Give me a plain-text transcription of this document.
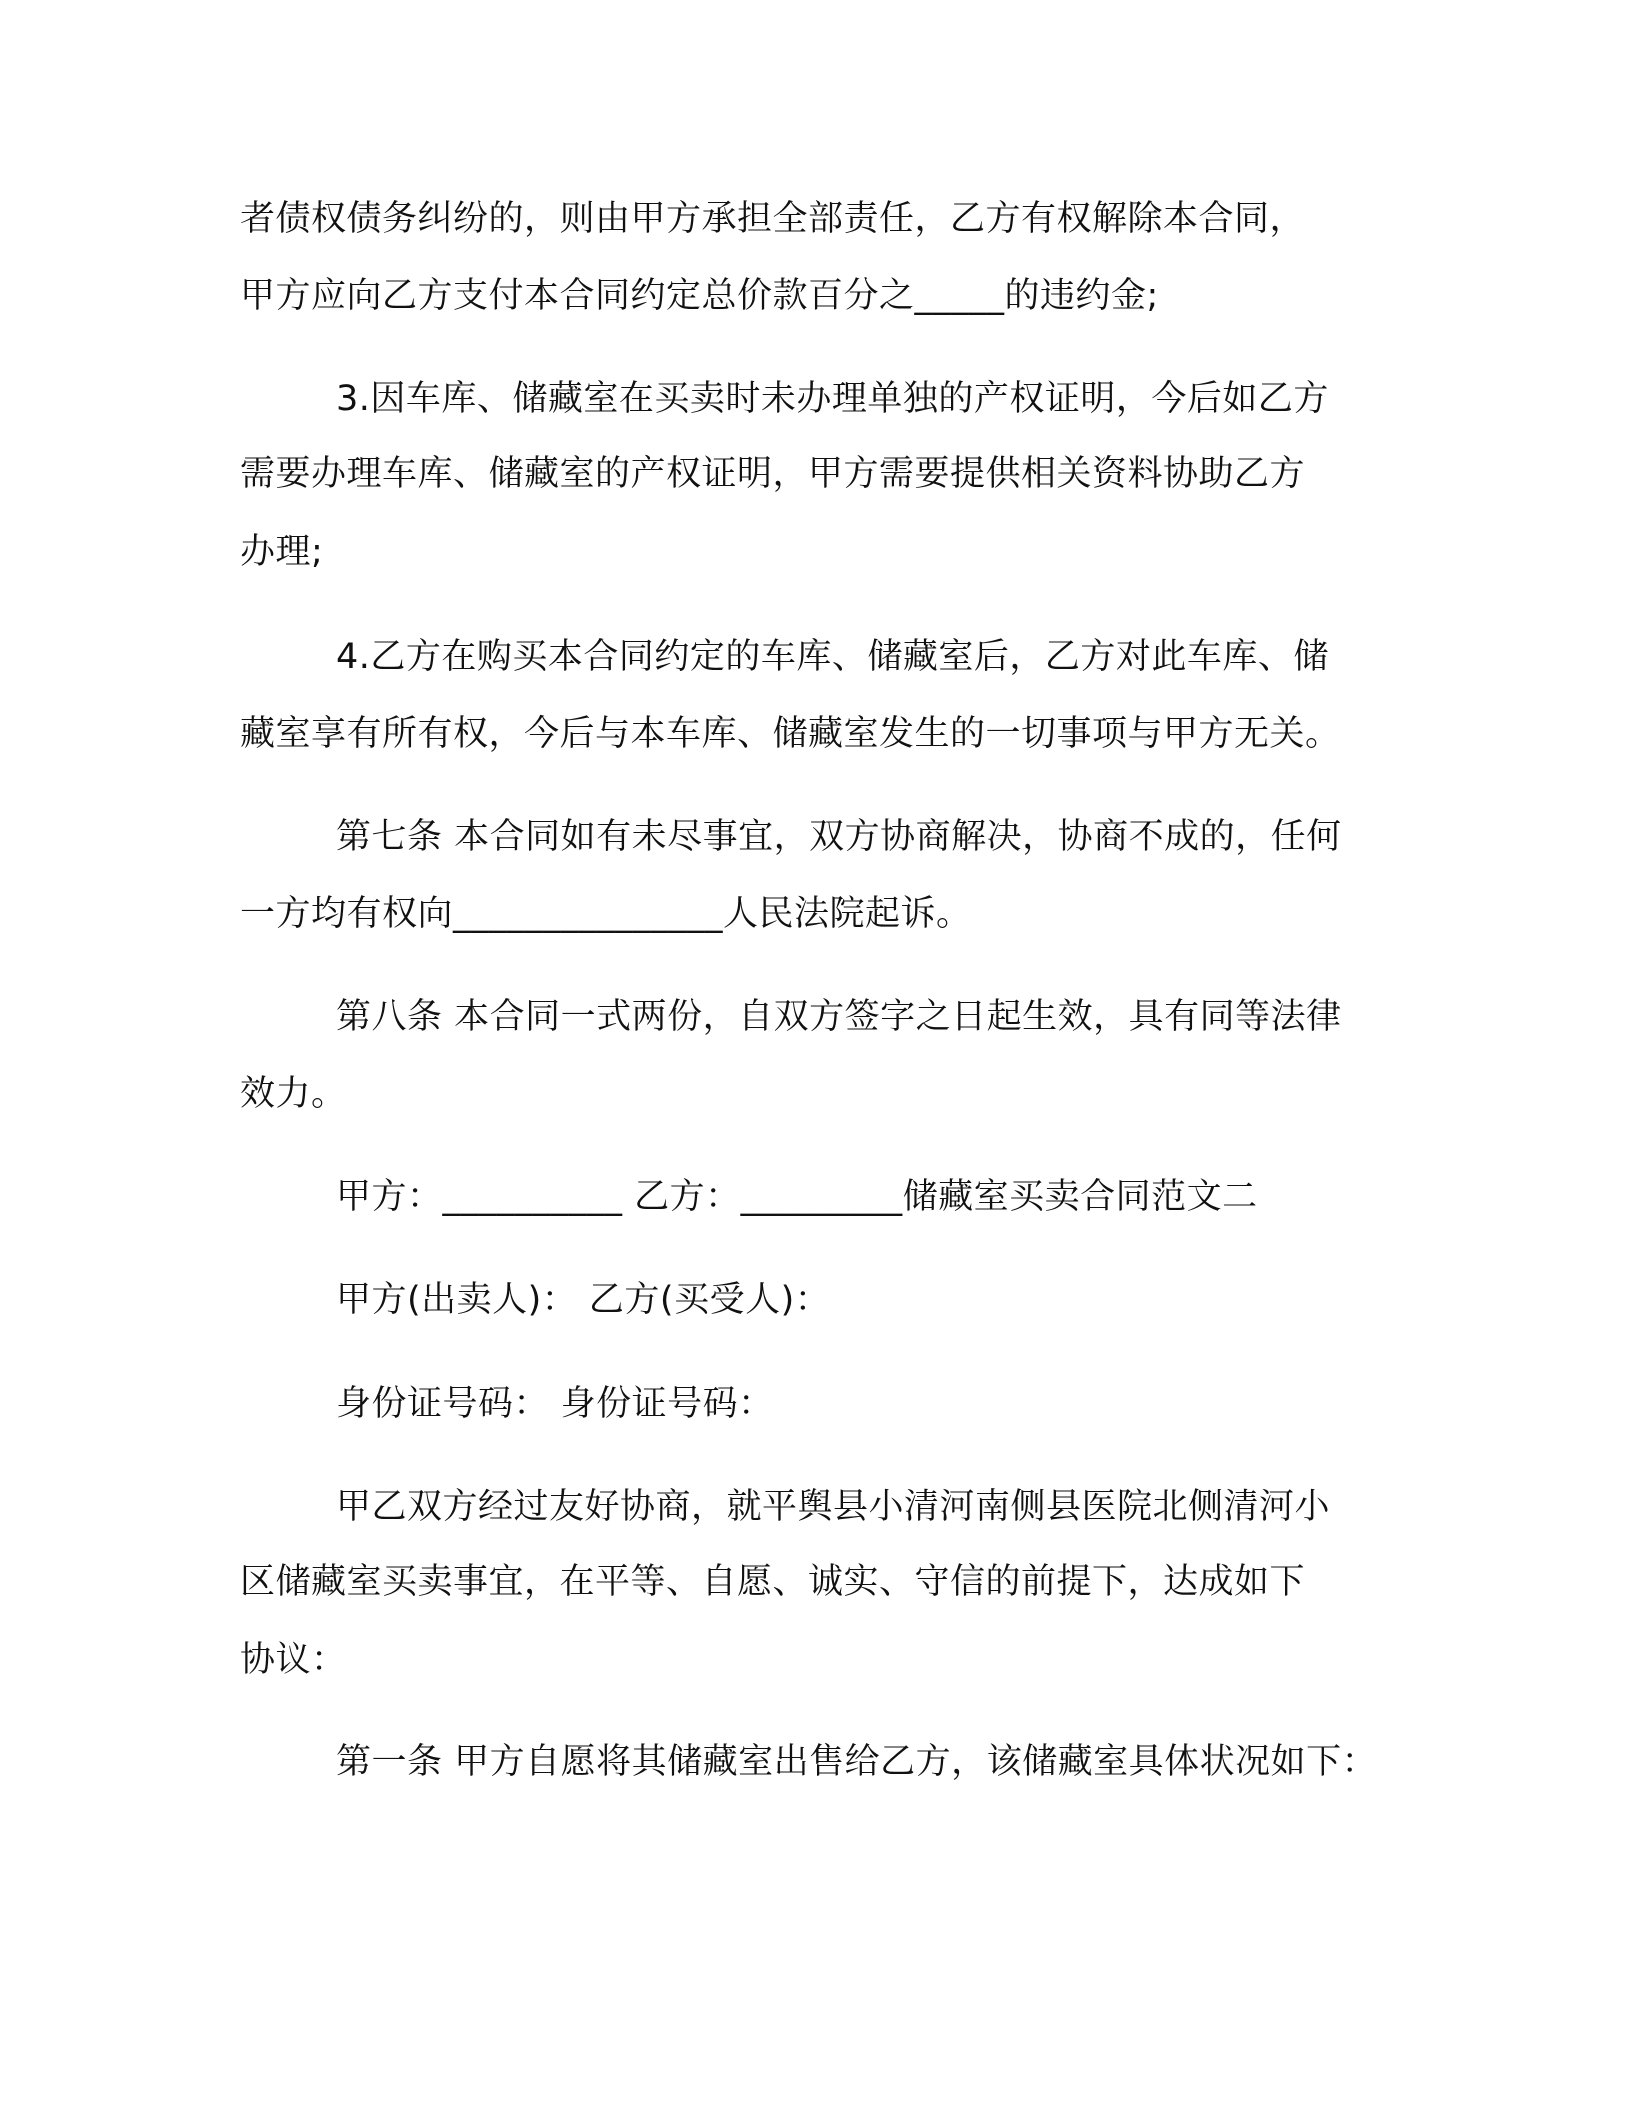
者债权债务纠纷的，则由甲方承担全部责任，乙方有权解除本合同，
甲方应向乙方支付本合同约定总价款百分之_____的违约金;
3.因车库、储藏室在买卖时未办理单独的产权证明，今后如乙方
需要办理车库、储藏室的产权证明，甲方需要提供相关资料协助乙方
办理;
4.乙方在购买本合同约定的车库、储藏室后，乙方对此车库、储
藏室享有所有权，今后与本车库、储藏室发生的一切事项与甲方无关。
第七条 本合同如有未尽事宜，双方协商解决，协商不成的，任何
一方均有权向_______________人民法院起诉。
第八条 本合同一式两份，自双方签字之日起生效，具有同等法律
效力。
甲方：__________ 乙方：_________储藏室买卖合同范文二
甲方(出卖人)： 乙方(买受人)：
身份证号码： 身份证号码：
甲乙双方经过友好协商，就平舆县小清河南侧县医院北侧清河小
区储藏室买卖事宜，在平等、自愿、诚实、守信的前提下，达成如下
协议：
第一条 甲方自愿将其储藏室出售给乙方，该储藏室具体状况如下：
